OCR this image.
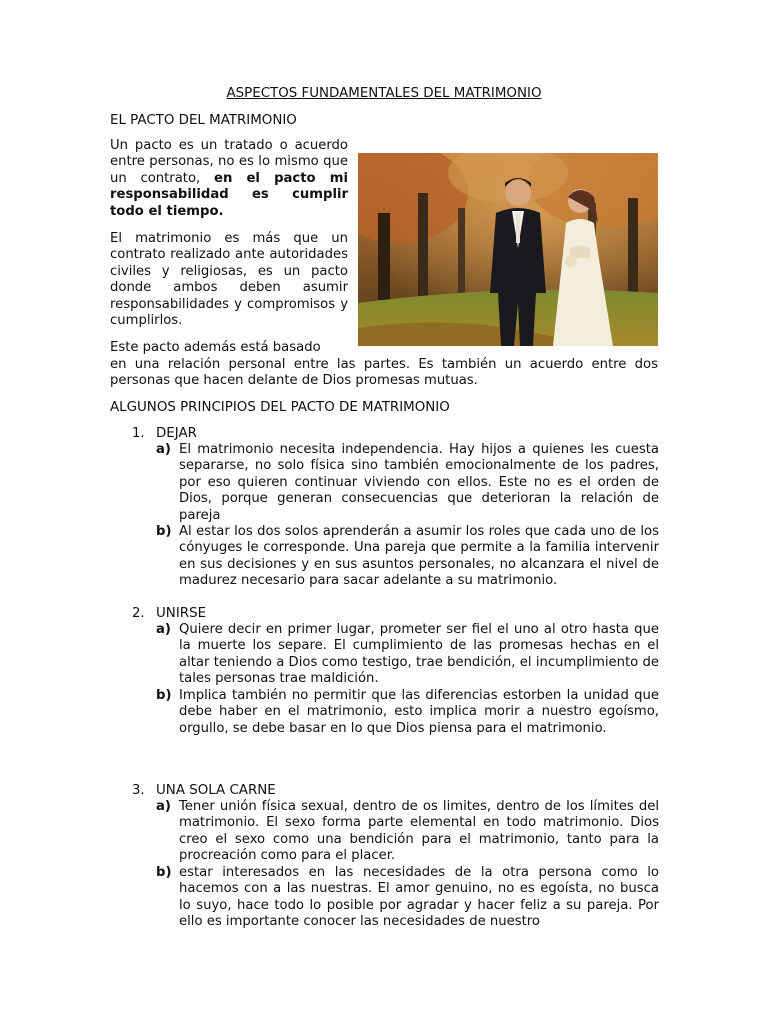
ASPECTOS FUNDAMENTALES DEL MATRIMONIO
EL PACTO DEL MATRIMONIO
Un pacto es un tratado o acuerdo entre personas, no es lo mismo que un contrato, en el pacto mi responsabilidad es cumplir todo el tiempo.
El matrimonio es más que un contrato realizado ante autoridades civiles y religiosas, es un pacto donde ambos deben asumir responsabilidades y compromisos y cumplirlos.
Este pacto además está basado
en una relación personal entre las partes. Es también un acuerdo entre dos personas que hacen delante de Dios promesas mutuas.
ALGUNOS PRINCIPIOS DEL PACTO DE MATRIMONIO
1. DEJAR
a) El matrimonio necesita independencia. Hay hijos a quienes les cuesta separarse, no solo física sino también emocionalmente de los padres, por eso quieren continuar viviendo con ellos. Este no es el orden de Dios, porque generan consecuencias que deterioran la relación de pareja
b) Al estar los dos solos aprenderán a asumir los roles que cada uno de los cónyuges le corresponde. Una pareja que permite a la familia intervenir en sus decisiones y en sus asuntos personales, no alcanzara el nivel de madurez necesario para sacar adelante a su matrimonio.
2. UNIRSE
a) Quiere decir en primer lugar, prometer ser fiel el uno al otro hasta que la muerte los separe. El cumplimiento de las promesas hechas en el altar teniendo a Dios como testigo, trae bendición, el incumplimiento de tales personas trae maldición.
b) Implica también no permitir que las diferencias estorben la unidad que debe haber en el matrimonio, esto implica morir a nuestro egoísmo, orgullo, se debe basar en lo que Dios piensa para el matrimonio.
3. UNA SOLA CARNE
a) Tener unión física sexual, dentro de os limites, dentro de los límites del matrimonio. El sexo forma parte elemental en todo matrimonio. Dios creo el sexo como una bendición para el matrimonio, tanto para la procreación como para el placer.
b) estar interesados en las necesidades de la otra persona como lo hacemos con a las nuestras. El amor genuino, no es egoísta, no busca lo suyo, hace todo lo posible por agradar y hacer feliz a su pareja. Por ello es importante conocer las necesidades de nuestro
